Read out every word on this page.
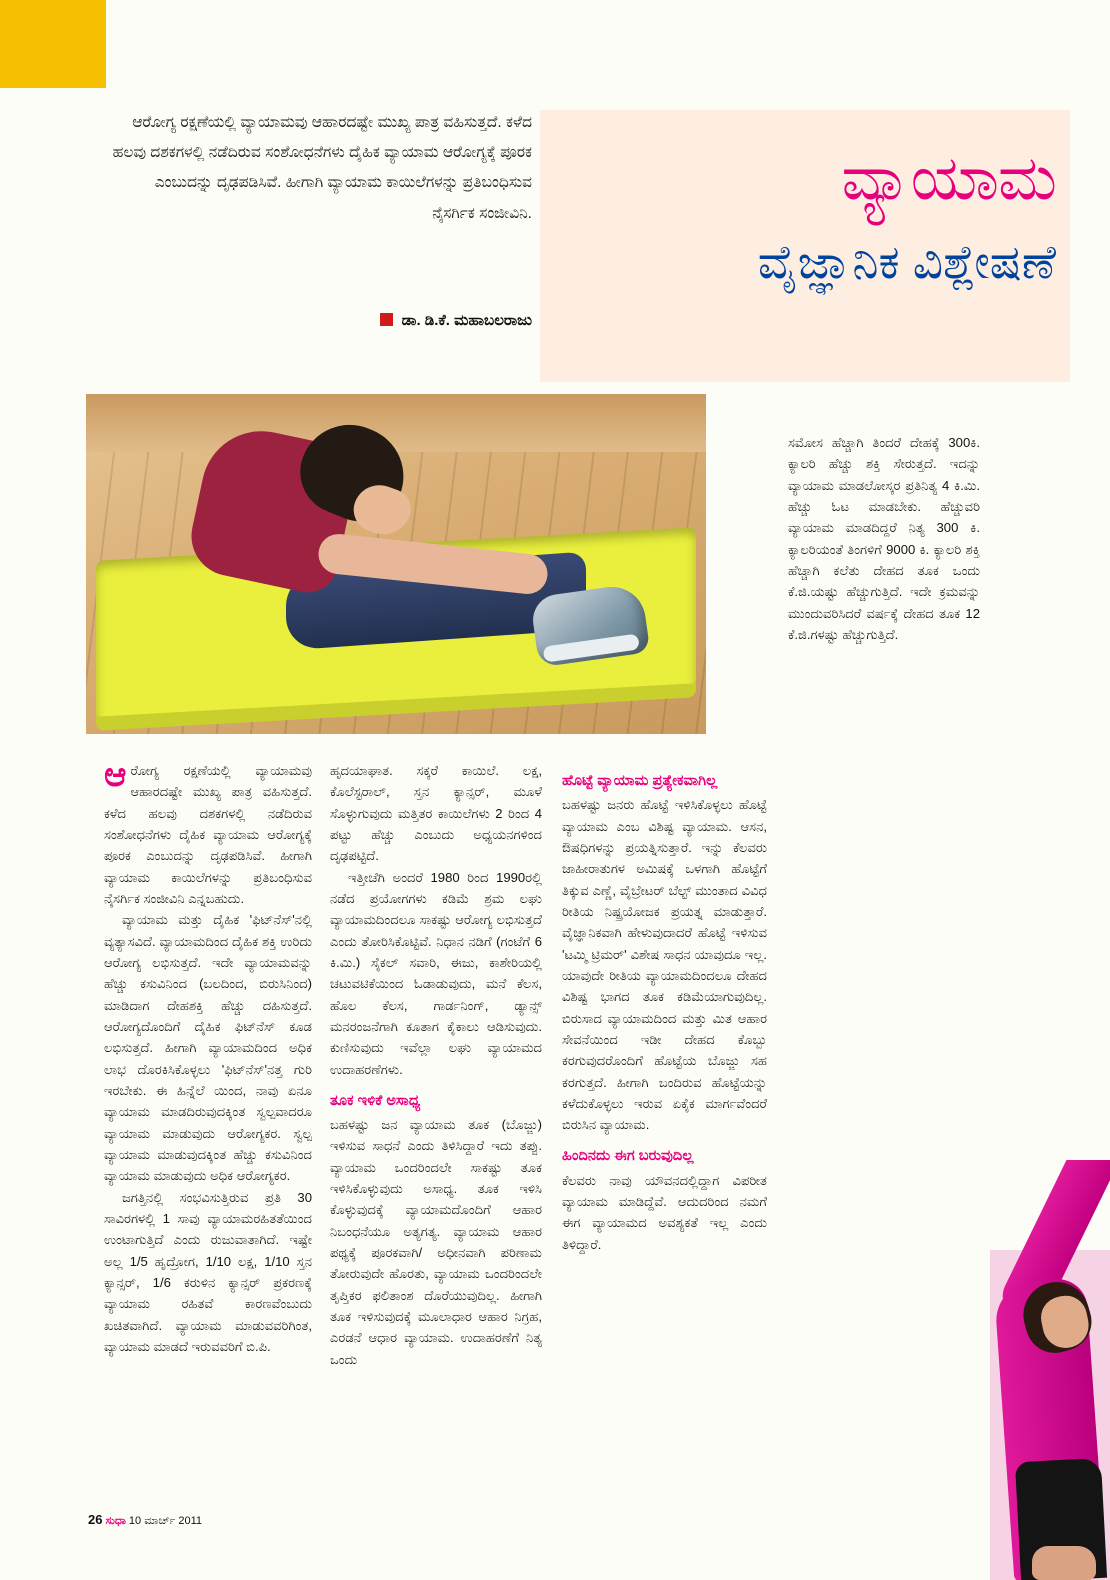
ಆರೋಗ್ಯ ರಕ್ಷಣೆಯಲ್ಲಿ ವ್ಯಾಯಾಮವು ಆಹಾರದಷ್ಟೇ ಮುಖ್ಯ ಪಾತ್ರ ವಹಿಸುತ್ತದೆ. ಕಳೆದ ಹಲವು ದಶಕಗಳಲ್ಲಿ ನಡೆದಿರುವ ಸಂಶೋಧನೆಗಳು ದೈಹಿಕ ವ್ಯಾಯಾಮ ಆರೋಗ್ಯಕ್ಕೆ ಪೂರಕ ಎಂಬುದನ್ನು ದೃಢಪಡಿಸಿವೆ. ಹೀಗಾಗಿ ವ್ಯಾಯಾಮ ಕಾಯಿಲೆಗಳನ್ನು ಪ್ರತಿಬಂಧಿಸುವ ನೈಸರ್ಗಿಕ ಸಂಜೀವಿನಿ.
ಡಾ. ಡಿ.ಕೆ. ಮಹಾಬಲರಾಜು
ವ್ಯಾಯಾಮ
ವೈಜ್ಞಾನಿಕ ವಿಶ್ಲೇಷಣೆ

ಆರೋಗ್ಯ ರಕ್ಷಣೆಯಲ್ಲಿ ವ್ಯಾಯಾಮವು ಆಹಾರದಷ್ಟೇ ಮುಖ್ಯ ಪಾತ್ರ ವಹಿಸುತ್ತದೆ. ಕಳೆದ ಹಲವು ದಶಕಗಳಲ್ಲಿ ನಡೆದಿರುವ ಸಂಶೋಧನೆಗಳು ದೈಹಿಕ ವ್ಯಾಯಾಮ ಆರೋಗ್ಯಕ್ಕೆ ಪೂರಕ ಎಂಬುದನ್ನು ದೃಢಪಡಿಸಿವೆ. ಹೀಗಾಗಿ ವ್ಯಾಯಾಮ ಕಾಯಿಲೆಗಳನ್ನು ಪ್ರತಿಬಂಧಿಸುವ ನೈಸರ್ಗಿಕ ಸಂಜೀವಿನಿ ಎನ್ನಬಹುದು.

ವ್ಯಾಯಾಮ ಮತ್ತು ದೈಹಿಕ 'ಫಿಟ್‌ನೆಸ್‌'ನಲ್ಲಿ ವ್ಯತ್ಯಾಸವಿದೆ. ವ್ಯಾಯಾಮದಿಂದ ದೈಹಿಕ ಶಕ್ತಿ ಉರಿದು ಆರೋಗ್ಯ ಲಭಿಸುತ್ತದೆ. ಇದೇ ವ್ಯಾಯಾಮವನ್ನು ಹೆಚ್ಚು ಕಸುವಿನಿಂದ (ಬಲದಿಂದ, ಬಿರುಸಿನಿಂದ) ಮಾಡಿದಾಗ ದೇಹಶಕ್ತಿ ಹೆಚ್ಚು ದಹಿಸುತ್ತದೆ. ಆರೋಗ್ಯದೊಂದಿಗೆ ದೈಹಿಕ ಫಿಟ್‌ನೆಸ್ ಕೂಡ ಲಭಿಸುತ್ತದೆ. ಹೀಗಾಗಿ ವ್ಯಾಯಾಮದಿಂದ ಅಧಿಕ ಲಾಭ ದೊರಕಿಸಿಕೊಳ್ಳಲು 'ಫಿಟ್‌ನೆಸ್'ನತ್ತ ಗುರಿ ಇರಬೇಕು. ಈ ಹಿನ್ನೆಲೆ ಯಿಂದ, ನಾವು ಏನೂ ವ್ಯಾಯಾಮ ಮಾಡದಿರುವುದಕ್ಕಿಂತ ಸ್ವಲ್ಪವಾದರೂ ವ್ಯಾಯಾಮ ಮಾಡುವುದು ಆರೋಗ್ಯಕರ. ಸ್ವಲ್ಪ ವ್ಯಾಯಾಮ ಮಾಡುವುದಕ್ಕಿಂತ ಹೆಚ್ಚು ಕಸುವಿನಿಂದ ವ್ಯಾಯಾಮ ಮಾಡುವುದು ಅಧಿಕ ಆರೋಗ್ಯಕರ.

ಜಗತ್ತಿನಲ್ಲಿ ಸಂಭವಿಸುತ್ತಿರುವ ಪ್ರತಿ 30 ಸಾವಿರಗಳಲ್ಲಿ 1 ಸಾವು ವ್ಯಾಯಾಮರಹಿತತೆಯಿಂದ ಉಂಟಾಗುತ್ತಿದೆ ಎಂದು ರುಜುವಾತಾಗಿದೆ. ಇಷ್ಟೇ ಅಲ್ಲ 1/5 ಹೃದ್ರೋಗ, 1/10 ಲಕ್ಷ, 1/10 ಸ್ತನ ಕ್ಯಾನ್ಸರ್, 1/6 ಕರುಳಿನ ಕ್ಯಾನ್ಸರ್ ಪ್ರಕರಣಕ್ಕೆ ವ್ಯಾಯಾಮ ರಹಿತವೆ ಕಾರಣವೆಂಬುದು ಖಚಿತವಾಗಿದೆ. ವ್ಯಾಯಾಮ ಮಾಡುವವರಿಗಿಂತ, ವ್ಯಾಯಾಮ ಮಾಡದೆ ಇರುವವರಿಗೆ ಬಿ.ಪಿ.

ಹೃದಯಾಘಾತ. ಸಕ್ಕರೆ ಕಾಯಿಲೆ. ಲಕ್ಷ, ಕೊಲೆಸ್ಟರಾಲ್, ಸ್ತನ ಕ್ಯಾನ್ಸರ್, ಮೂಳೆ ಸೊಳ್ಳುಗುವುದು ಮತ್ತಿತರ ಕಾಯಿಲೆಗಳು 2 ರಿಂದ 4 ಪಟ್ಟು ಹೆಚ್ಚು ಎಂಬುದು ಅಧ್ಯಯನಗಳಿಂದ ದೃಢಪಟ್ಟಿದೆ.

ಇತ್ತೀಚೆಗಿ ಅಂದರೆ 1980 ರಿಂದ 1990ರಲ್ಲಿ ನಡೆದ ಪ್ರಯೋಗಗಳು ಕಡಿಮೆ ಶ್ರಮ ಲಘು ವ್ಯಾಯಾಮದಿಂದಲೂ ಸಾಕಷ್ಟು ಆರೋಗ್ಯ ಲಭಿಸುತ್ತದೆ ಎಂದು ತೋರಿಸಿಕೊಟ್ಟಿವೆ. ನಿಧಾನ ನಡಿಗೆ (ಗಂಟೆಗೆ 6 ಕಿ.ಮಿ.) ಸೈಕಲ್ ಸವಾರಿ, ಈಜು, ಕಾಶೇರಿಯಲ್ಲಿ ಚಟುವಟಿಕೆಯಿಂದ ಓಡಾಡುವುದು, ಮನೆ ಕೆಲಸ, ಹೊಲ ಕೆಲಸ, ಗಾರ್ಡನಿಂಗ್, ಡ್ಯಾನ್ಸ್ ಮನರಂಜನೆಗಾಗಿ ಕೂತಾಗ ಕೈಕಾಲು ಆಡಿಸುವುದು. ಕುಣಿಸುವುದು ಇವೆಲ್ಲಾ ಲಘು ವ್ಯಾಯಾಮದ ಉದಾಹರಣೆಗಳು.

ತೂಕ ಇಳಿಕೆ ಅಸಾಧ್ಯ

ಬಹಳಷ್ಟು ಜನ ವ್ಯಾಯಾಮ ತೂಕ (ಬೊಜ್ಜು) ಇಳಿಸುವ ಸಾಧನೆ ಎಂದು ತಿಳಿಸಿದ್ದಾರೆ ಇದು ತಪ್ಪು. ವ್ಯಾಯಾಮ ಒಂದರಿಂದಲೇ ಸಾಕಷ್ಟು ತೂಕ ಇಳಿಸಿಕೊಳ್ಳುವುದು ಅಸಾಧ್ಯ. ತೂಕ ಇಳಿಸಿ ಕೊಳ್ಳುವುದಕ್ಕೆ ವ್ಯಾಯಾಮದೊಂದಿಗೆ ಆಹಾರ ನಿಬಂಧನೆಯೂ ಅತ್ಯಗತ್ಯ. ವ್ಯಾಯಾಮ ಆಹಾರ ಪಥ್ಯಕ್ಕೆ ಪೂರಕವಾಗಿ/ ಅಧೀನವಾಗಿ ಪರಿಣಾಮ ತೋರುವುದೇ ಹೊರತು, ವ್ಯಾಯಾಮ ಒಂದರಿಂದಲೇ ತೃಪ್ತಿಕರ ಫಲಿತಾಂಶ ದೊರೆಯುವುದಿಲ್ಲ. ಹೀಗಾಗಿ ತೂಕ ಇಳಿಸುವುದಕ್ಕೆ ಮೂಲಾಧಾರ ಆಹಾರ ನಿಗ್ರಹ, ಎರಡನೆ ಆಧಾರ ವ್ಯಾಯಾಮ. ಉದಾಹರಣೆಗೆ ನಿತ್ಯ ಒಂದು

ಹೊಟ್ಟೆ ವ್ಯಾಯಾಮ ಪ್ರತ್ಯೇಕವಾಗಿಲ್ಲ

ಬಹಳಷ್ಟು ಜನರು ಹೊಟ್ಟೆ ಇಳಿಸಿಕೊಳ್ಳಲು ಹೊಟ್ಟೆ ವ್ಯಾಯಾಮ ಎಂಬ ವಿಶಿಷ್ಟ ವ್ಯಾಯಾಮ. ಆಸನ, ಔಷಧಿಗಳನ್ನು ಪ್ರಯತ್ನಿಸುತ್ತಾರೆ. ಇನ್ನು ಕೆಲವರು ಜಾಹೀರಾತುಗಳ ಅಮಿಷಕ್ಕೆ ಒಳಗಾಗಿ ಹೊಟ್ಟೆಗೆ ತಿಕ್ಕುವ ಎಣ್ಣೆ, ವೈಬ್ರೇಟರ್ ಬೆಲ್ಟ್ ಮುಂತಾದ ವಿವಿಧ ರೀತಿಯ ನಿಷ್ಪ್ರಯೋಜಕ ಪ್ರಯತ್ನ ಮಾಡುತ್ತಾರೆ. ವೈಜ್ಞಾನಿಕವಾಗಿ ಹೇಳುವುದಾದರೆ ಹೊಟ್ಟೆ ಇಳಿಸುವ 'ಟಮ್ಮಿ ಟ್ರಿಮರ್' ವಿಶೇಷ ಸಾಧನ ಯಾವುದೂ ಇಲ್ಲ. ಯಾವುದೇ ರೀತಿಯ ವ್ಯಾಯಾಮದಿಂದಲೂ ದೇಹದ ವಿಶಿಷ್ಟ ಭಾಗದ ತೂಕ ಕಡಿಮೆಯಾಗುವುದಿಲ್ಲ. ಬಿರುಸಾದ ವ್ಯಾಯಾಮದಿಂದ ಮತ್ತು ಮಿತ ಆಹಾರ ಸೇವನೆಯಿಂದ ಇಡೀ ದೇಹದ ಕೊಬ್ಬು ಕರಗುವುದರೊಂದಿಗೆ ಹೊಟ್ಟೆಯ ಬೊಜ್ಜು ಸಹ ಕರಗುತ್ತದೆ. ಹೀಗಾಗಿ ಬಂದಿರುವ ಹೊಟ್ಟೆಯನ್ನು ಕಳೆದುಕೊಳ್ಳಲು ಇರುವ ಏಕೈಕ ಮಾರ್ಗವೆಂದರೆ ಬಿರುಸಿನ ವ್ಯಾಯಾಮ.

ಹಿಂದಿನದು ಈಗ ಬರುವುದಿಲ್ಲ

ಕೆಲವರು ನಾವು ಯೌವನದಲ್ಲಿದ್ದಾಗ ವಿಪರೀತ ವ್ಯಾಯಾಮ ಮಾಡಿದ್ದೆವೆ. ಆದುದರಿಂದ ನಮಗೆ ಈಗ ವ್ಯಾಯಾಮದ ಅವಶ್ಯಕತೆ ಇಲ್ಲ ಎಂದು ತಿಳಿದ್ದಾರೆ.

ಸಮೋಸ ಹೆಚ್ಚಾಗಿ ತಿಂದರೆ ದೇಹಕ್ಕೆ 300ಕಿ. ಕ್ಯಾಲರಿ ಹೆಚ್ಚು ಶಕ್ತಿ ಸೇರುತ್ತದೆ. ಇದನ್ನು ವ್ಯಾಯಾಮ ಮಾಡಲೋಸ್ಕರ ಪ್ರತಿನಿತ್ಯ 4 ಕಿ.ಮಿ. ಹೆಚ್ಚು ಓಟ ಮಾಡಬೇಕು. ಹೆಚ್ಚುವರಿ ವ್ಯಾಯಾಮ ಮಾಡದಿದ್ದರೆ ನಿತ್ಯ 300 ಕಿ. ಕ್ಯಾಲರಿಯಂತೆ ತಿಂಗಳಿಗೆ 9000 ಕಿ. ಕ್ಯಾಲರಿ ಶಕ್ತಿ ಹೆಚ್ಚಾಗಿ ಕಲೆತು ದೇಹದ ತೂಕ ಒಂದು ಕೆ.ಜಿ.ಯಷ್ಟು ಹೆಚ್ಚುಗುತ್ತಿದೆ. ಇದೇ ಕ್ರಮವನ್ನು ಮುಂದುವರಿಸಿದರೆ ವರ್ಷಕ್ಕೆ ದೇಹದ ತೂಕ 12 ಕೆ.ಜಿ.ಗಳಷ್ಟು ಹೆಚ್ಚುಗುತ್ತಿದೆ.

26 ಸುಧಾ 10 ಮಾರ್ಚ್ 2011
